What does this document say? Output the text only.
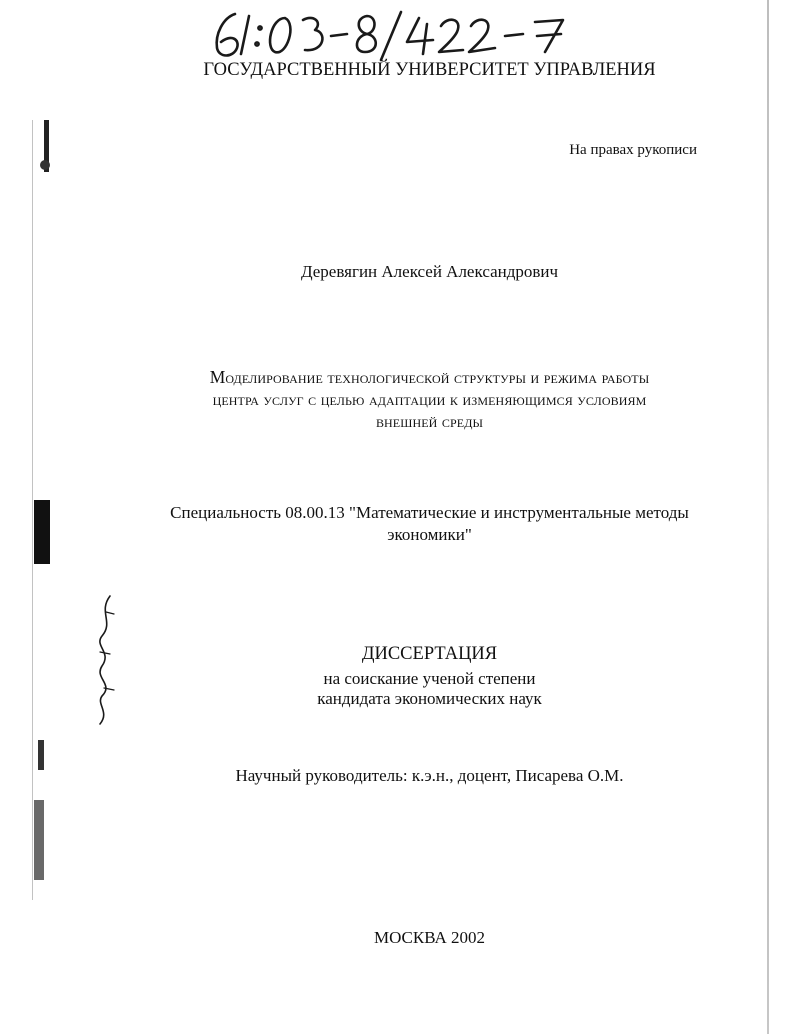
ГОСУДАРСТВЕННЫЙ УНИВЕРСИТЕТ УПРАВЛЕНИЯ
На правах рукописи
Деревягин Алексей Александрович
Моделирование технологической структуры и режима работы
центра услуг с целью адаптации к изменяющимся условиям
внешней среды
Специальность 08.00.13 "Математические и инструментальные методы
экономики"
ДИССЕРТАЦИЯ
на соискание ученой степени
кандидата экономических наук
Научный руководитель: к.э.н., доцент, Писарева О.М.
МОСКВА 2002
